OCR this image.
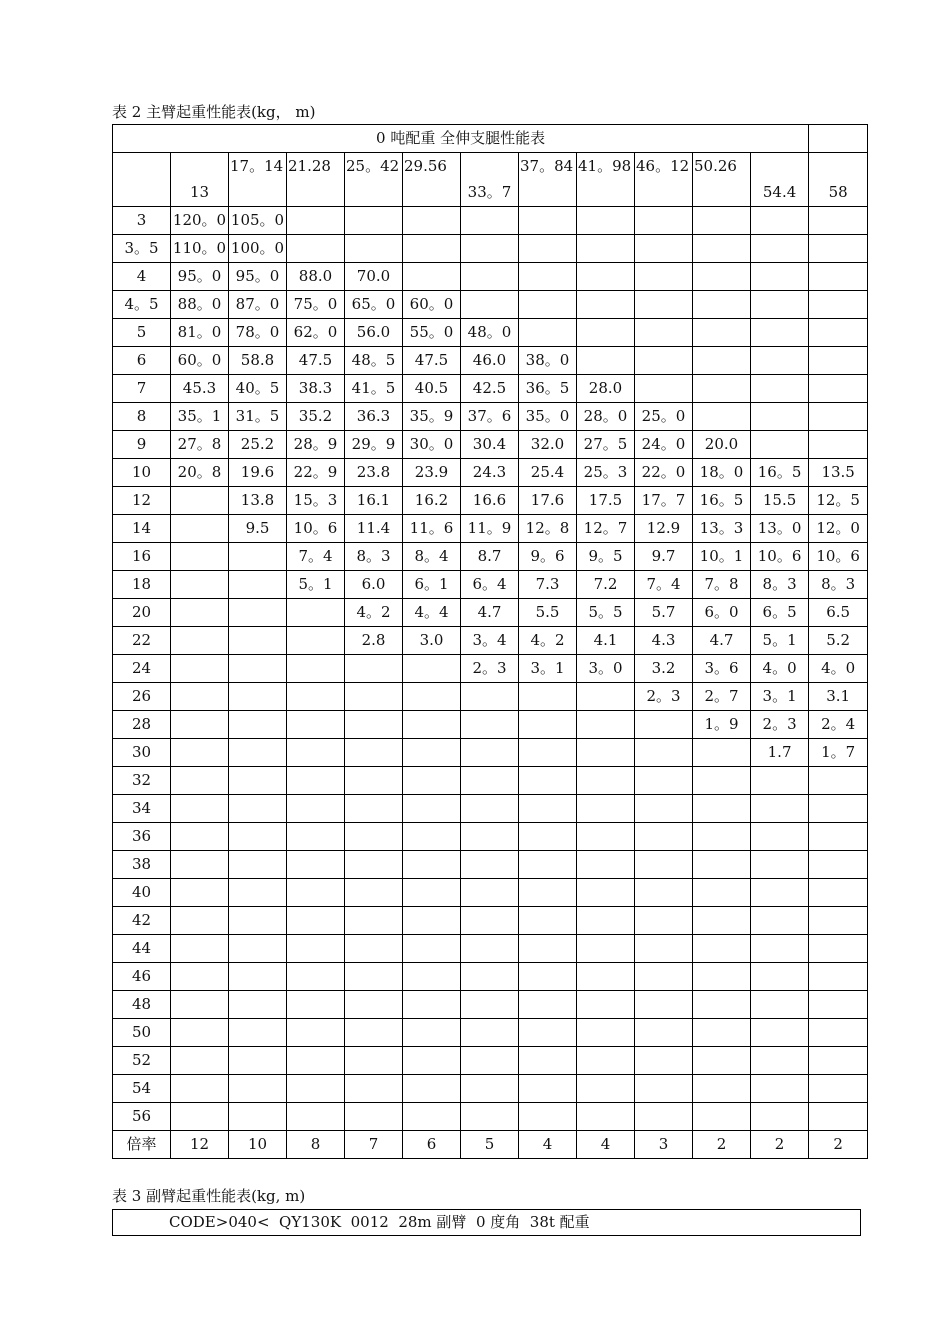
表 2 主臂起重性能表(kg， m)
0 吨配重 全伸支腿性能表												
	13	17。14	21.28	25。42	29.56	33。7	37。84	41。98	46。12	50.26	54.4	58
3	120。0	105。0										
3。5	110。0	100。0										
4	95。0	95。0	88.0	70.0								
4。5	88。0	87。0	75。0	65。0	60。0							
5	81。0	78。0	62。0	56.0	55。0	48。0						
6	60。0	58.8	47.5	48。5	47.5	46.0	38。0					
7	45.3	40。5	38.3	41。5	40.5	42.5	36。5	28.0				
8	35。1	31。5	35.2	36.3	35。9	37。6	35。0	28。0	25。0			
9	27。8	25.2	28。9	29。9	30。0	30.4	32.0	27。5	24。0	20.0		
10	20。8	19.6	22。9	23.8	23.9	24.3	25.4	25。3	22。0	18。0	16。5	13.5
12		13.8	15。3	16.1	16.2	16.6	17.6	17.5	17。7	16。5	15.5	12。5
14		9.5	10。6	11.4	11。6	11。9	12。8	12。7	12.9	13。3	13。0	12。0
16			7。4	8。3	8。4	8.7	9。6	9。5	9.7	10。1	10。6	10。6
18			5。1	6.0	6。1	6。4	7.3	7.2	7。4	7。8	8。3	8。3
20				4。2	4。4	4.7	5.5	5。5	5.7	6。0	6。5	6.5
22				2.8	3.0	3。4	4。2	4.1	4.3	4.7	5。1	5.2
24						2。3	3。1	3。0	3.2	3。6	4。0	4。0
26									2。3	2。7	3。1	3.1
28										1。9	2。3	2。4
30											1.7	1。7
32												
34												
36												
38												
40												
42												
44												
46												
48												
50												
52												
54												
56												
倍率	12	10	8	7	6	5	4	4	3	2	2	2
表 3 副臂起重性能表(kg, m)
CODE>040<  QY130K  0012  28m 副臂  0 度角  38t 配重
